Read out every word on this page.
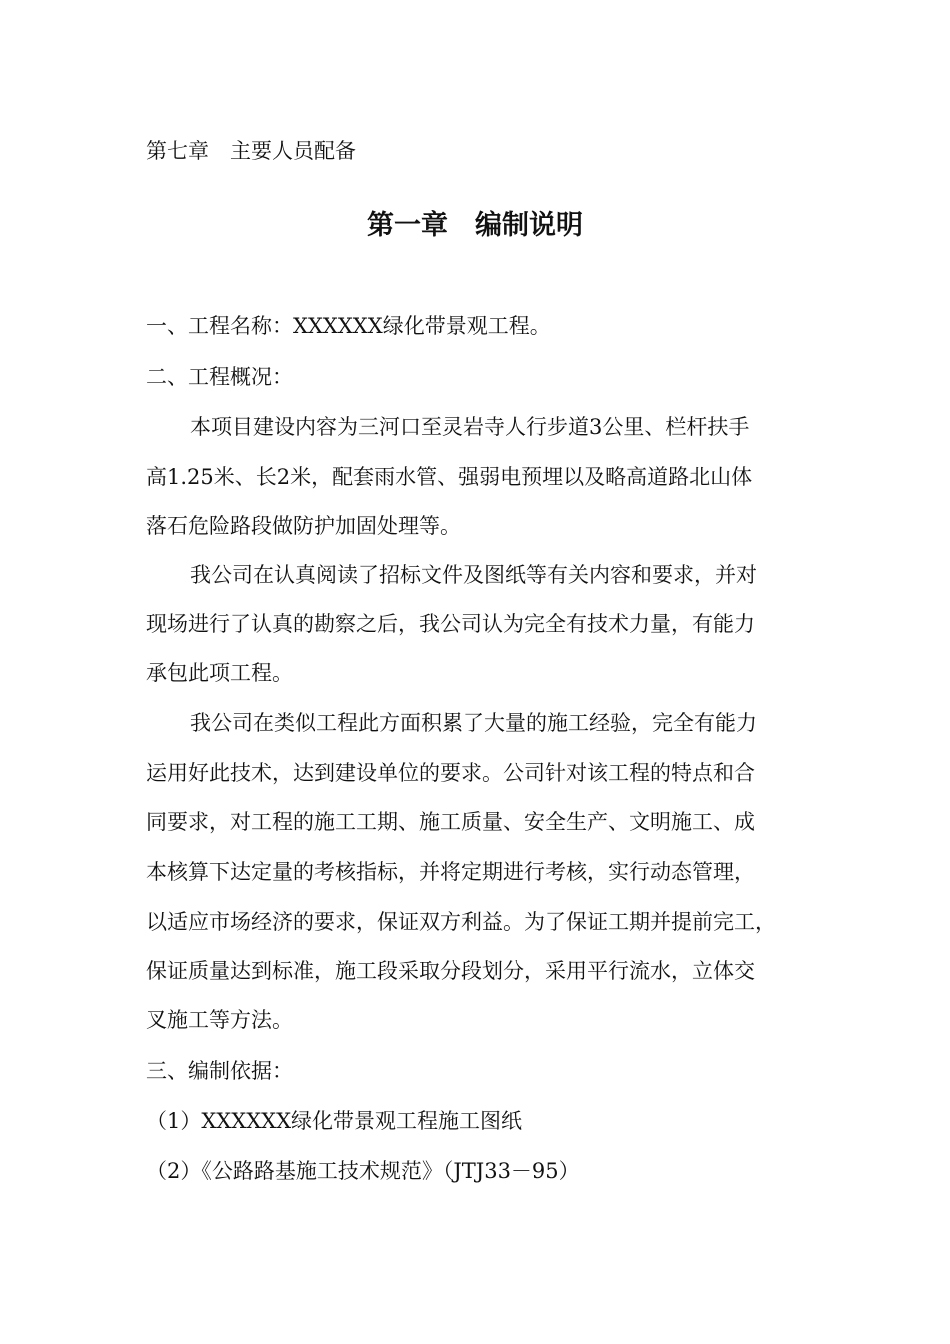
第七章　主要人员配备
第一章　编制说明
一、工程名称：XXXXXX绿化带景观工程。
二、工程概况：
本项目建设内容为三河口至灵岩寺人行步道3公里、栏杆扶手
高1.25米、长2米，配套雨水管、强弱电预埋以及略高道路北山体
落石危险路段做防护加固处理等。
我公司在认真阅读了招标文件及图纸等有关内容和要求，并对
现场进行了认真的勘察之后，我公司认为完全有技术力量，有能力
承包此项工程。
我公司在类似工程此方面积累了大量的施工经验，完全有能力
运用好此技术，达到建设单位的要求。公司针对该工程的特点和合
同要求，对工程的施工工期、施工质量、安全生产、文明施工、成
本核算下达定量的考核指标，并将定期进行考核，实行动态管理，
以适应市场经济的要求，保证双方利益。为了保证工期并提前完工，
保证质量达到标准，施工段采取分段划分，采用平行流水，立体交
叉施工等方法。
三、编制依据：
（1）XXXXXX绿化带景观工程施工图纸
（2）《公路路基施工技术规范》（JTJ33－95）
